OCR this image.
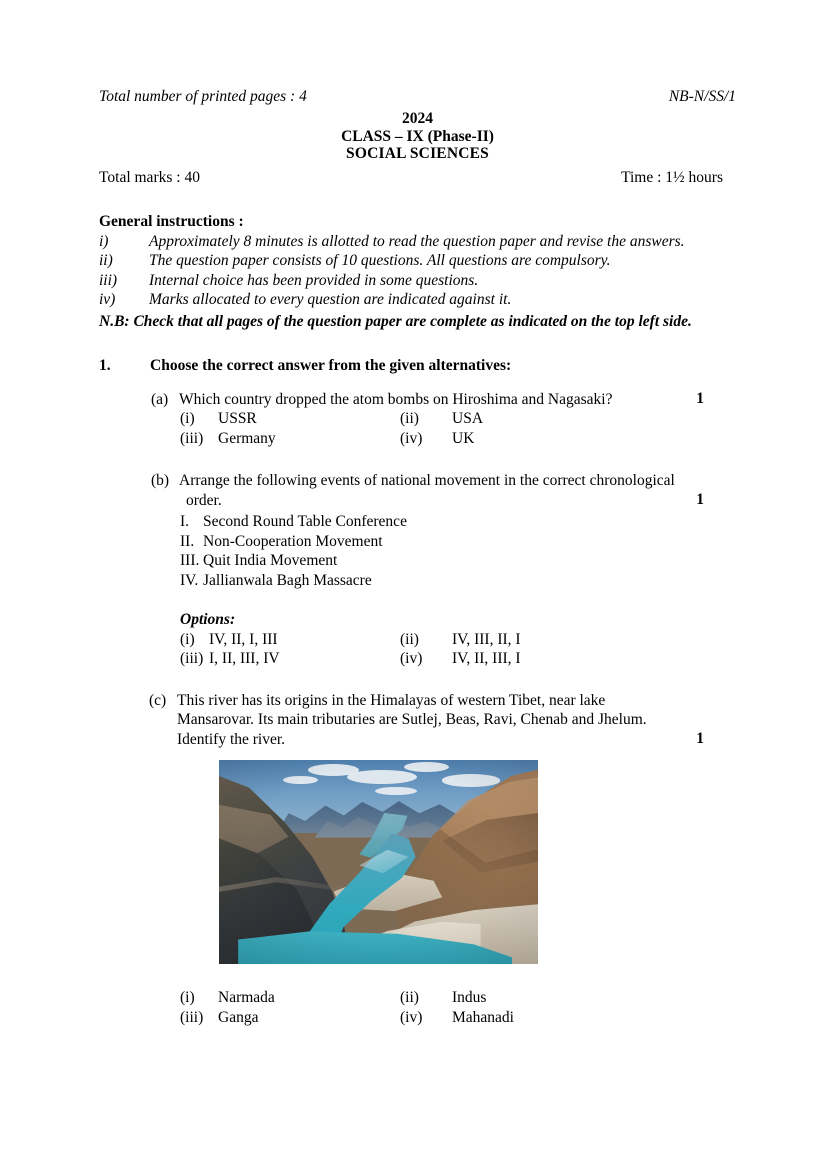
Total number of printed pages : 4	NB-N/SS/1
2024
CLASS – IX (Phase-II)
SOCIAL SCIENCES
Total marks : 40	Time : 1½ hours
General instructions :
i)	Approximately 8 minutes is allotted to read the question paper and revise the answers.
ii) The question paper consists of 10 questions. All questions are compulsory.
iii) Internal choice has been provided in some questions.
iv) Marks allocated to every question are indicated against it.
N.B: Check that all pages of the question paper are complete as indicated on the top left side.
1.	Choose the correct answer from the given alternatives:
(a) Which country dropped the atom bombs on Hiroshima and Nagasaki?	1
(i) USSR	(ii) USA
(iii) Germany	(iv) UK
(b) Arrange the following events of national movement in the correct chronological
order.	1
I. Second Round Table Conference
II. Non-Cooperation Movement
III. Quit India Movement
IV. Jallianwala Bagh Massacre
Options:
(i) IV, II, I, III	(ii) IV, III, II, I
(iii) I, II, III, IV	(iv) IV, II, III, I
(c) This river has its origins in the Himalayas of western Tibet, near lake
Mansarovar. Its main tributaries are Sutlej, Beas, Ravi, Chenab and Jhelum.
Identify the river.	1
(i) Narmada	(ii) Indus
(iii) Ganga	(iv) Mahanadi
